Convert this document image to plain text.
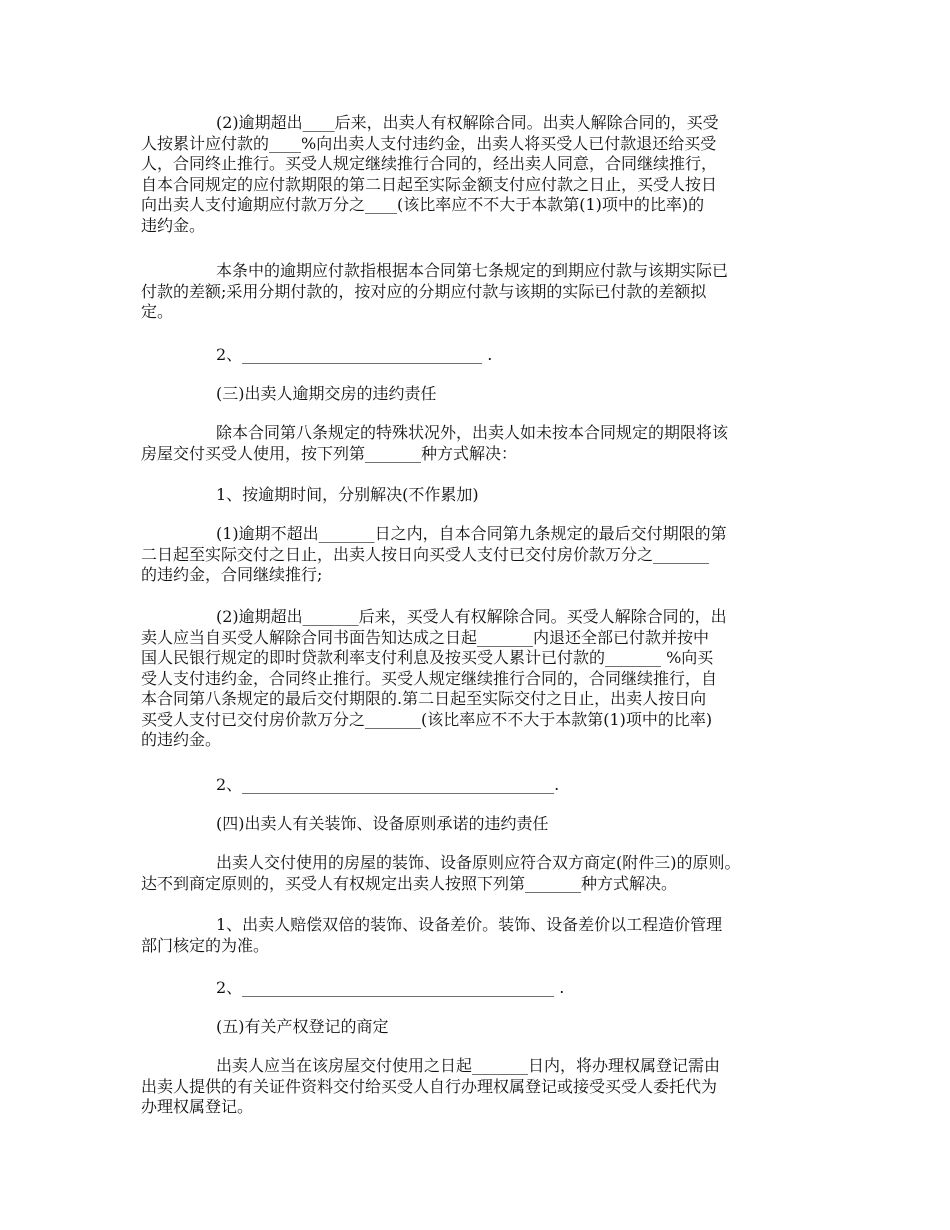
(2)逾期超出____后来，出卖人有权解除合同。出卖人解除合同的，买受
人按累计应付款的____%向出卖人支付违约金，出卖人将买受人已付款退还给买受
人，合同终止推行。买受人规定继续推行合同的，经出卖人同意，合同继续推行，
自本合同规定的应付款期限的第二日起至实际金额支付应付款之日止，买受人按日
向出卖人支付逾期应付款万分之____(该比率应不不大于本款第(1)项中的比率)的
违约金。
本条中的逾期应付款指根据本合同第七条规定的到期应付款与该期实际已
付款的差额;采用分期付款的，按对应的分期应付款与该期的实际已付款的差额拟
定。
2、______________________________ .
(三)出卖人逾期交房的违约责任
除本合同第八条规定的特殊状况外，出卖人如未按本合同规定的期限将该
房屋交付买受人使用，按下列第_______种方式解决：
1、按逾期时间，分别解决(不作累加)
(1)逾期不超出_______日之内，自本合同第九条规定的最后交付期限的第
二日起至实际交付之日止，出卖人按日向买受人支付已交付房价款万分之_______
的违约金，合同继续推行;
(2)逾期超出_______后来，买受人有权解除合同。买受人解除合同的，出
卖人应当自买受人解除合同书面告知达成之日起_______内退还全部已付款并按中
国人民银行规定的即时贷款利率支付利息及按买受人累计已付款的_______ %向买
受人支付违约金，合同终止推行。买受人规定继续推行合同的，合同继续推行，自
本合同第八条规定的最后交付期限的.第二日起至实际交付之日止，出卖人按日向
买受人支付已交付房价款万分之_______(该比率应不不大于本款第(1)项中的比率)
的违约金。
2、_______________________________________.
(四)出卖人有关装饰、设备原则承诺的违约责任
出卖人交付使用的房屋的装饰、设备原则应符合双方商定(附件三)的原则。
达不到商定原则的，买受人有权规定出卖人按照下列第_______种方式解决。
1、出卖人赔偿双倍的装饰、设备差价。装饰、设备差价以工程造价管理
部门核定的为准。
2、_______________________________________ .
(五)有关产权登记的商定
出卖人应当在该房屋交付使用之日起_______日内，将办理权属登记需由
出卖人提供的有关证件资料交付给买受人自行办理权属登记或接受买受人委托代为
办理权属登记。
